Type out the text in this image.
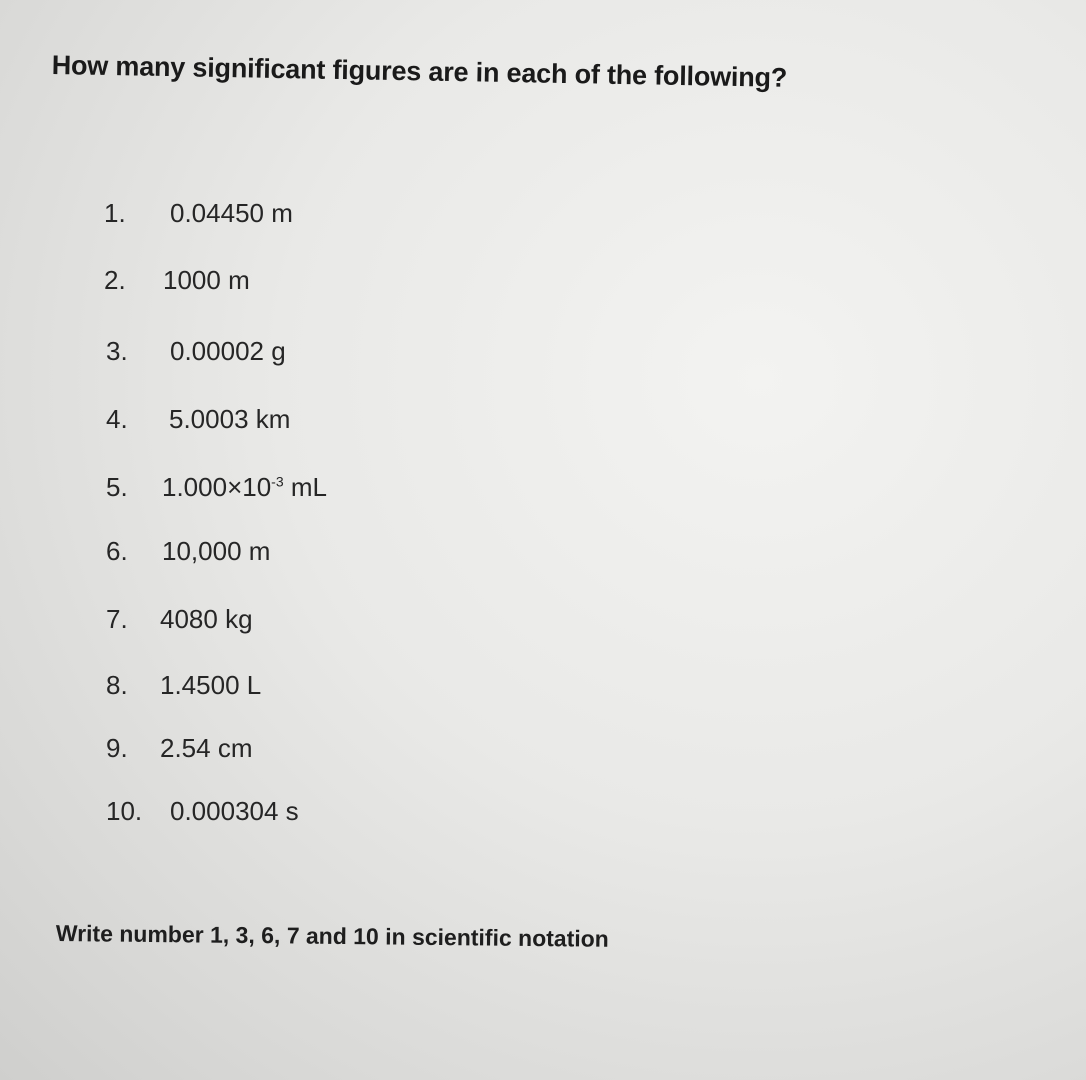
How many significant figures are in each of the following?
1. 0.04450 m
2. 1000 m
3. 0.00002 g
4. 5.0003 km
5. $1.000\times 10^{-3}$ mL
6. 10,000 m
7. 4080 kg
8. 1.4500 L
9. 2.54 cm
10. 0.000304 s
Write number 1, 3, 6, 7 and 10 in scientific notation
